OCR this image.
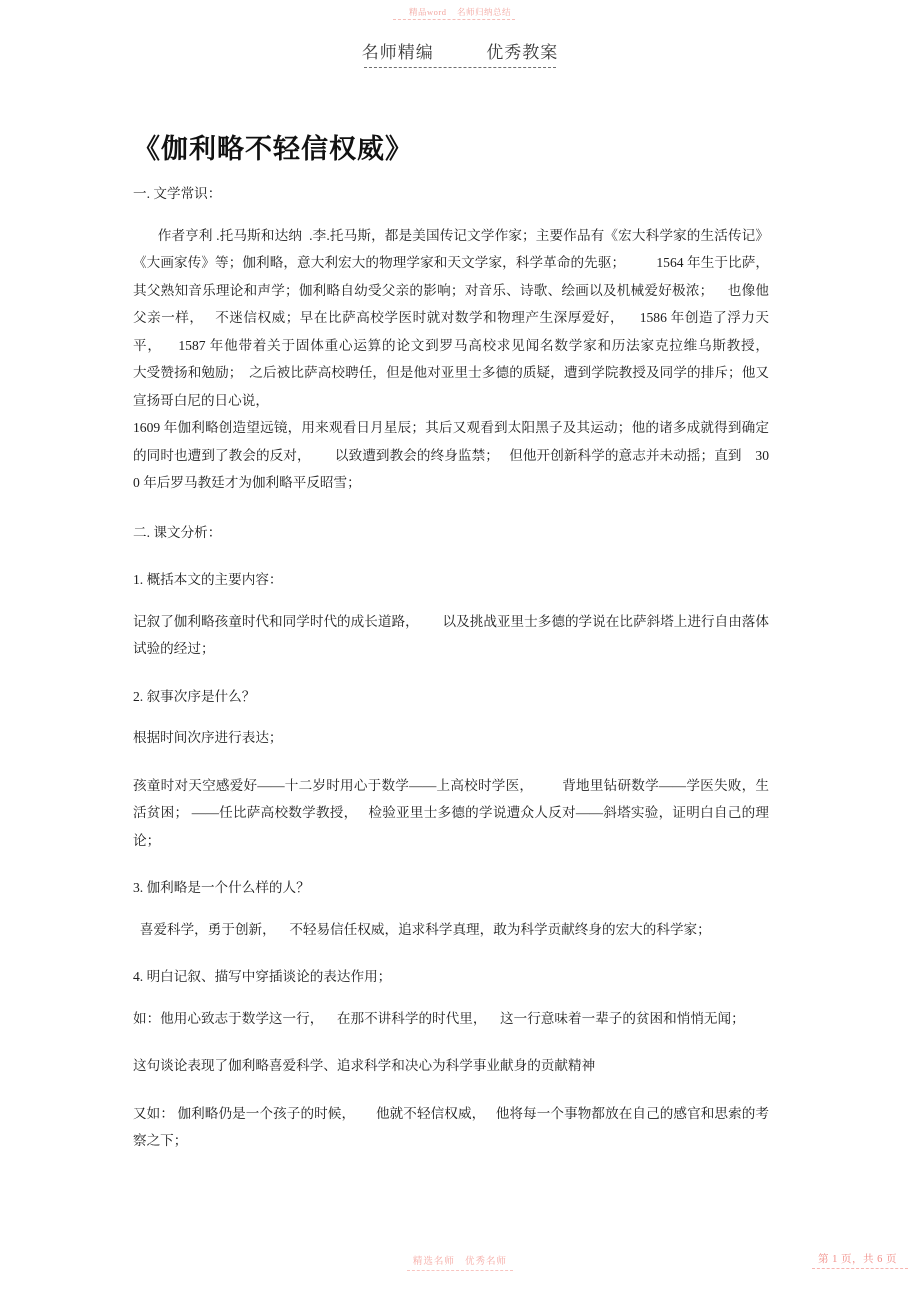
精品word    名师归纳总结
名师精编          优秀教案
《伽利略不轻信权威》

一. 文学常识：

作者亨利 .托马斯和达纳  .李.托马斯，都是美国传记文学作家；主要作品有《宏大科学家的生活传记》    《大画家传》等；伽利略，意大利宏大的物理学家和天文学家，科学革命的先驱；         1564 年生于比萨，其父熟知音乐理论和声学；伽利略自幼受父亲的影响；对音乐、诗歌、绘画以及机械爱好极浓；    也像他父亲一样，   不迷信权威；早在比萨高校学医时就对数学和物理产生深厚爱好，    1586 年创造了浮力天平，    1587 年他带着关于固体重心运算的论文到罗马高校求见闻名数学家和历法家克拉维乌斯教授，         大受赞扬和勉励；  之后被比萨高校聘任，但是他对亚里士多德的质疑，遭到学院教授及同学的排斥；他又宣扬哥白尼的日心说，

1609 年伽利略创造望远镜，用来观看日月星辰；其后又观看到太阳黑子及其运动；他的诸多成就得到确定的同时也遭到了教会的反对，       以致遭到教会的终身监禁；   但他开创新科学的意志并未动摇；直到    300 年后罗马教廷才为伽利略平反昭雪；

二. 课文分析：

1. 概括本文的主要内容：

记叙了伽利略孩童时代和同学时代的成长道路，       以及挑战亚里士多德的学说在比萨斜塔上进行自由落体试验的经过；

2. 叙事次序是什么？

根据时间次序进行表达；

孩童时对天空感爱好——十二岁时用心于数学——上高校时学医，        背地里钻研数学——学医失败，生活贫困； ——任比萨高校数学教授，   检验亚里士多德的学说遭众人反对——斜塔实验，证明白自己的理论；

3. 伽利略是一个什么样的人？

喜爱科学，勇于创新，    不轻易信任权威，追求科学真理，敢为科学贡献终身的宏大的科学家；

4. 明白记叙、描写中穿插谈论的表达作用；

如：他用心致志于数学这一行，    在那不讲科学的时代里，    这一行意味着一辈子的贫困和悄悄无闻；

这句谈论表现了伽利略喜爱科学、追求科学和决心为科学事业献身的贡献精神

又如： 伽利略仍是一个孩子的时候，      他就不轻信权威，   他将每一个事物都放在自己的感官和思索的考察之下；

精选名师   优秀名师	第 1 页，共 6 页
